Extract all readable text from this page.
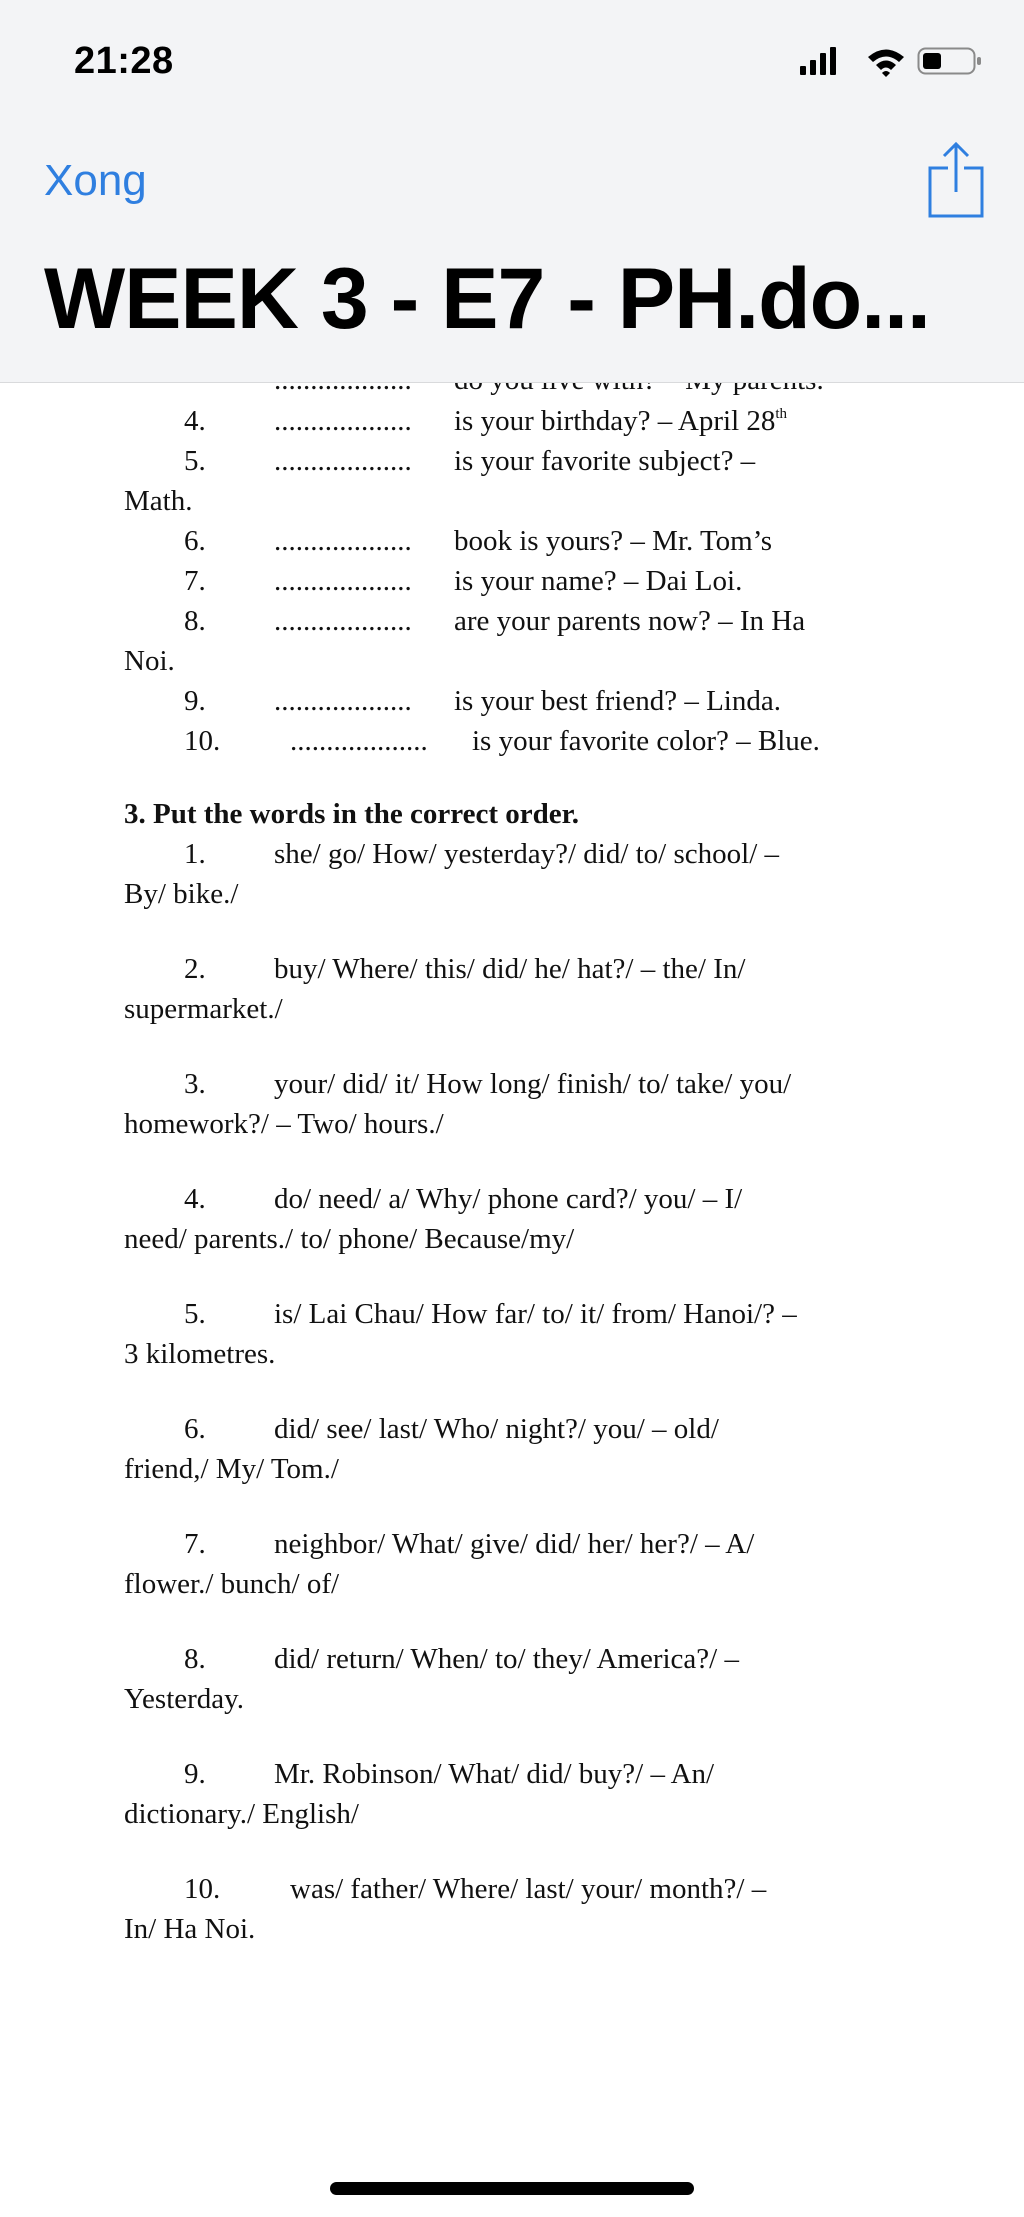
4. ................... is your birthday? – April 28th
5. ................... is your favorite subject? –
Math.
6. ................... book is yours? – Mr. Tom’s
7. ................... is your name? – Dai Loi.
8. ................... are your parents now? – In Ha
Noi.
9. ................... is your best friend? – Linda.
10. ................... is your favorite color? – Blue.
3. Put the words in the correct order.
1. she/ go/ How/ yesterday?/ did/ to/ school/ –
By/ bike./
2. buy/ Where/ this/ did/ he/ hat?/ – the/ In/
supermarket./
3. your/ did/ it/ How long/ finish/ to/ take/ you/
homework?/ – Two/ hours./
4. do/ need/ a/ Why/ phone card?/ you/ – I/
need/ parents./ to/ phone/ Because/my/
5. is/ Lai Chau/ How far/ to/ it/ from/ Hanoi/? –
3 kilometres.
6. did/ see/ last/ Who/ night?/ you/ – old/
friend,/ My/ Tom./
7. neighbor/ What/ give/ did/ her/ her?/ – A/
flower./ bunch/ of/
8. did/ return/ When/ to/ they/ America?/ –
Yesterday.
9. Mr. Robinson/ What/ did/ buy?/ – An/
dictionary./ English/
10. was/ father/ Where/ last/ your/ month?/ –
In/ Ha Noi.
21:28
Xong
WEEK 3 - E7 - PH.do...
